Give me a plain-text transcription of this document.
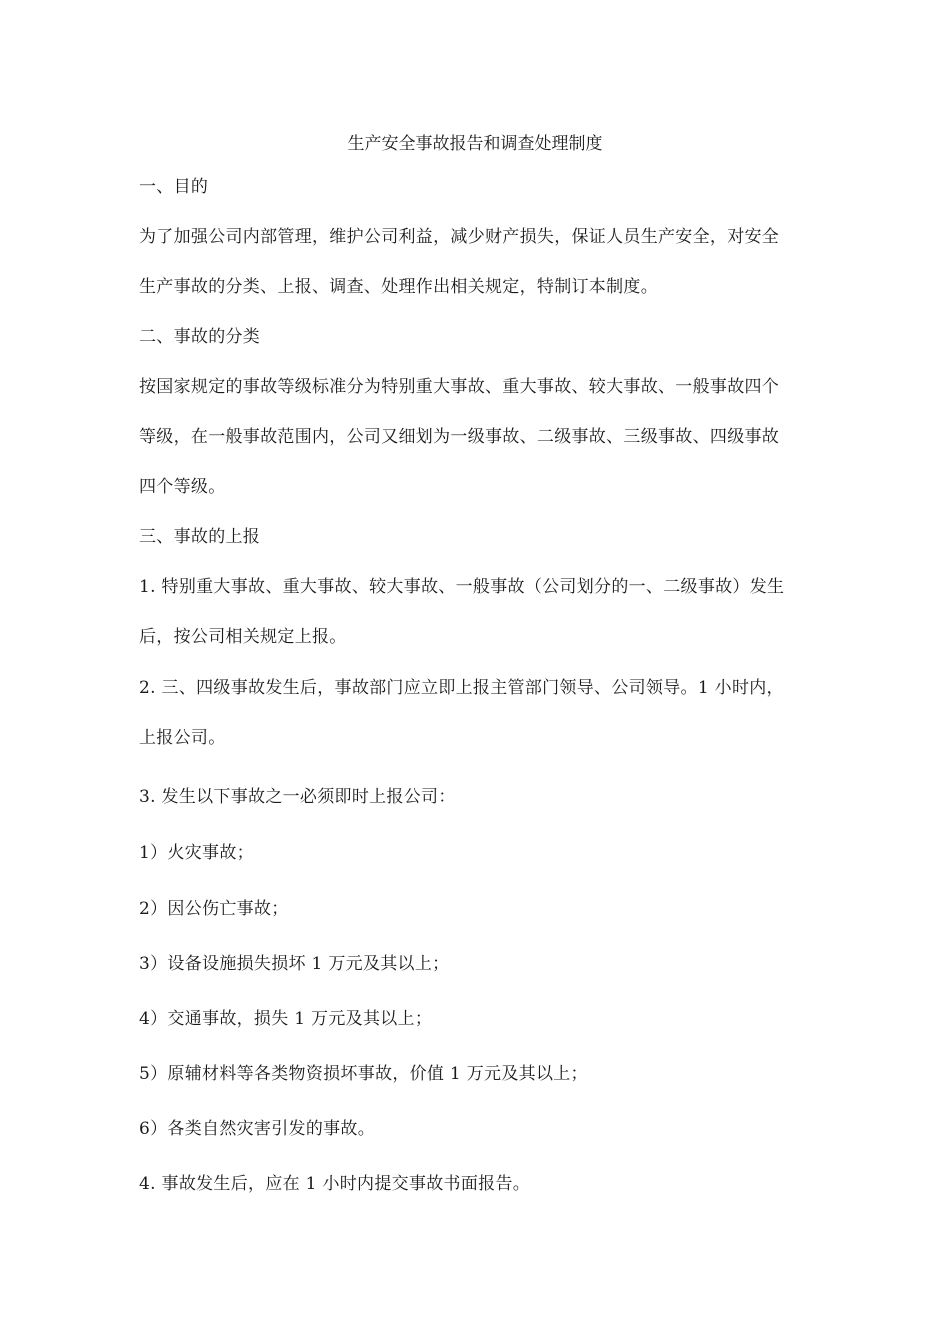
生产安全事故报告和调查处理制度
一、目的
为了加强公司内部管理，维护公司利益，减少财产损失，保证人员生产安全，对安全
生产事故的分类、上报、调查、处理作出相关规定，特制订本制度。
二、事故的分类
按国家规定的事故等级标准分为特别重大事故、重大事故、较大事故、一般事故四个
等级，在一般事故范围内，公司又细划为一级事故、二级事故、三级事故、四级事故
四个等级。
三、事故的上报
1. 特别重大事故、重大事故、较大事故、一般事故（公司划分的一、二级事故）发生
后，按公司相关规定上报。
2. 三、四级事故发生后，事故部门应立即上报主管部门领导、公司领导。1 小时内，
上报公司。
3. 发生以下事故之一必须即时上报公司：
1）火灾事故；
2）因公伤亡事故；
3）设备设施损失损坏 1 万元及其以上；
4）交通事故，损失 1 万元及其以上；
5）原辅材料等各类物资损坏事故，价值 1 万元及其以上；
6）各类自然灾害引发的事故。
4. 事故发生后，应在 1 小时内提交事故书面报告。
